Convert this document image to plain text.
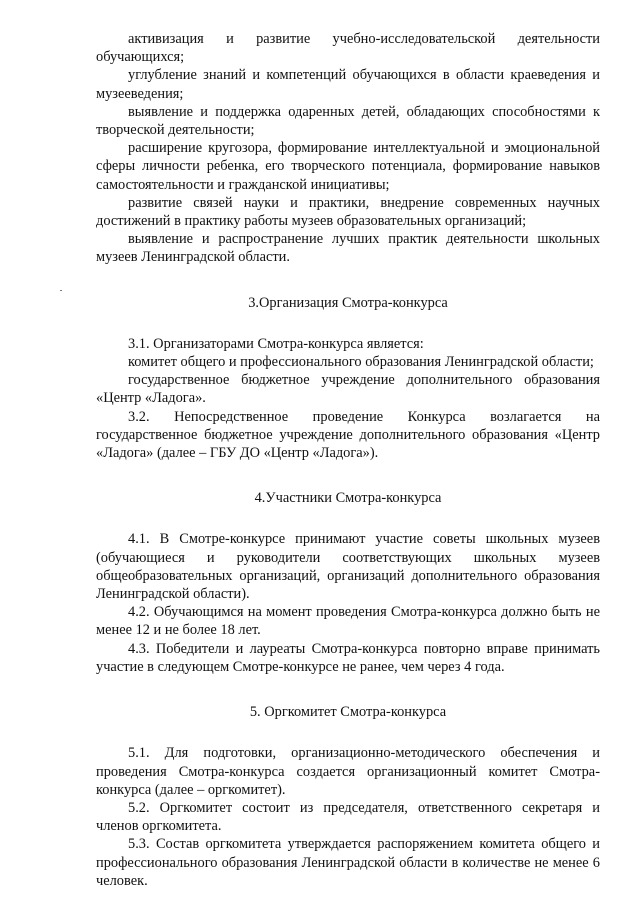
активизация и развитие учебно-исследовательской деятельности обучающихся;

углубление знаний и компетенций обучающихся в области краеведения и музееведения;

выявление и поддержка одаренных детей, обладающих способностями к творческой деятельности;

расширение кругозора, формирование интеллектуальной и эмоциональной сферы личности ребенка, его творческого потенциала, формирование навыков самостоятельности и гражданской инициативы;

развитие связей науки и практики, внедрение современных научных достижений в практику работы музеев образовательных организаций;

выявление и распространение лучших практик деятельности школьных музеев Ленинградской области.

3.Организация Смотра-конкурса

3.1. Организаторами Смотра-конкурса является:

комитет общего и профессионального образования Ленинградской области;

государственное бюджетное учреждение дополнительного образования «Центр «Ладога».

3.2. Непосредственное проведение Конкурса возлагается на государственное бюджетное учреждение дополнительного образования «Центр «Ладога» (далее – ГБУ ДО «Центр «Ладога»).

4.Участники Смотра-конкурса

4.1. В Смотре-конкурсе принимают участие советы школьных музеев (обучающиеся и руководители соответствующих школьных музеев общеобразовательных организаций, организаций дополнительного образования Ленинградской области).

4.2. Обучающимся на момент проведения Смотра-конкурса должно быть не менее 12 и не более 18 лет.

4.3. Победители и лауреаты Смотра-конкурса повторно вправе принимать участие в следующем Смотре-конкурсе не ранее, чем через 4 года.

5. Оргкомитет Смотра-конкурса

5.1. Для подготовки, организационно-методического обеспечения и проведения Смотра-конкурса создается организационный комитет Смотра-конкурса (далее – оргкомитет).

5.2. Оргкомитет состоит из председателя, ответственного секретаря и членов оргкомитета.

5.3. Состав оргкомитета утверждается распоряжением комитета общего и профессионального образования Ленинградской области в количестве не менее 6 человек.
